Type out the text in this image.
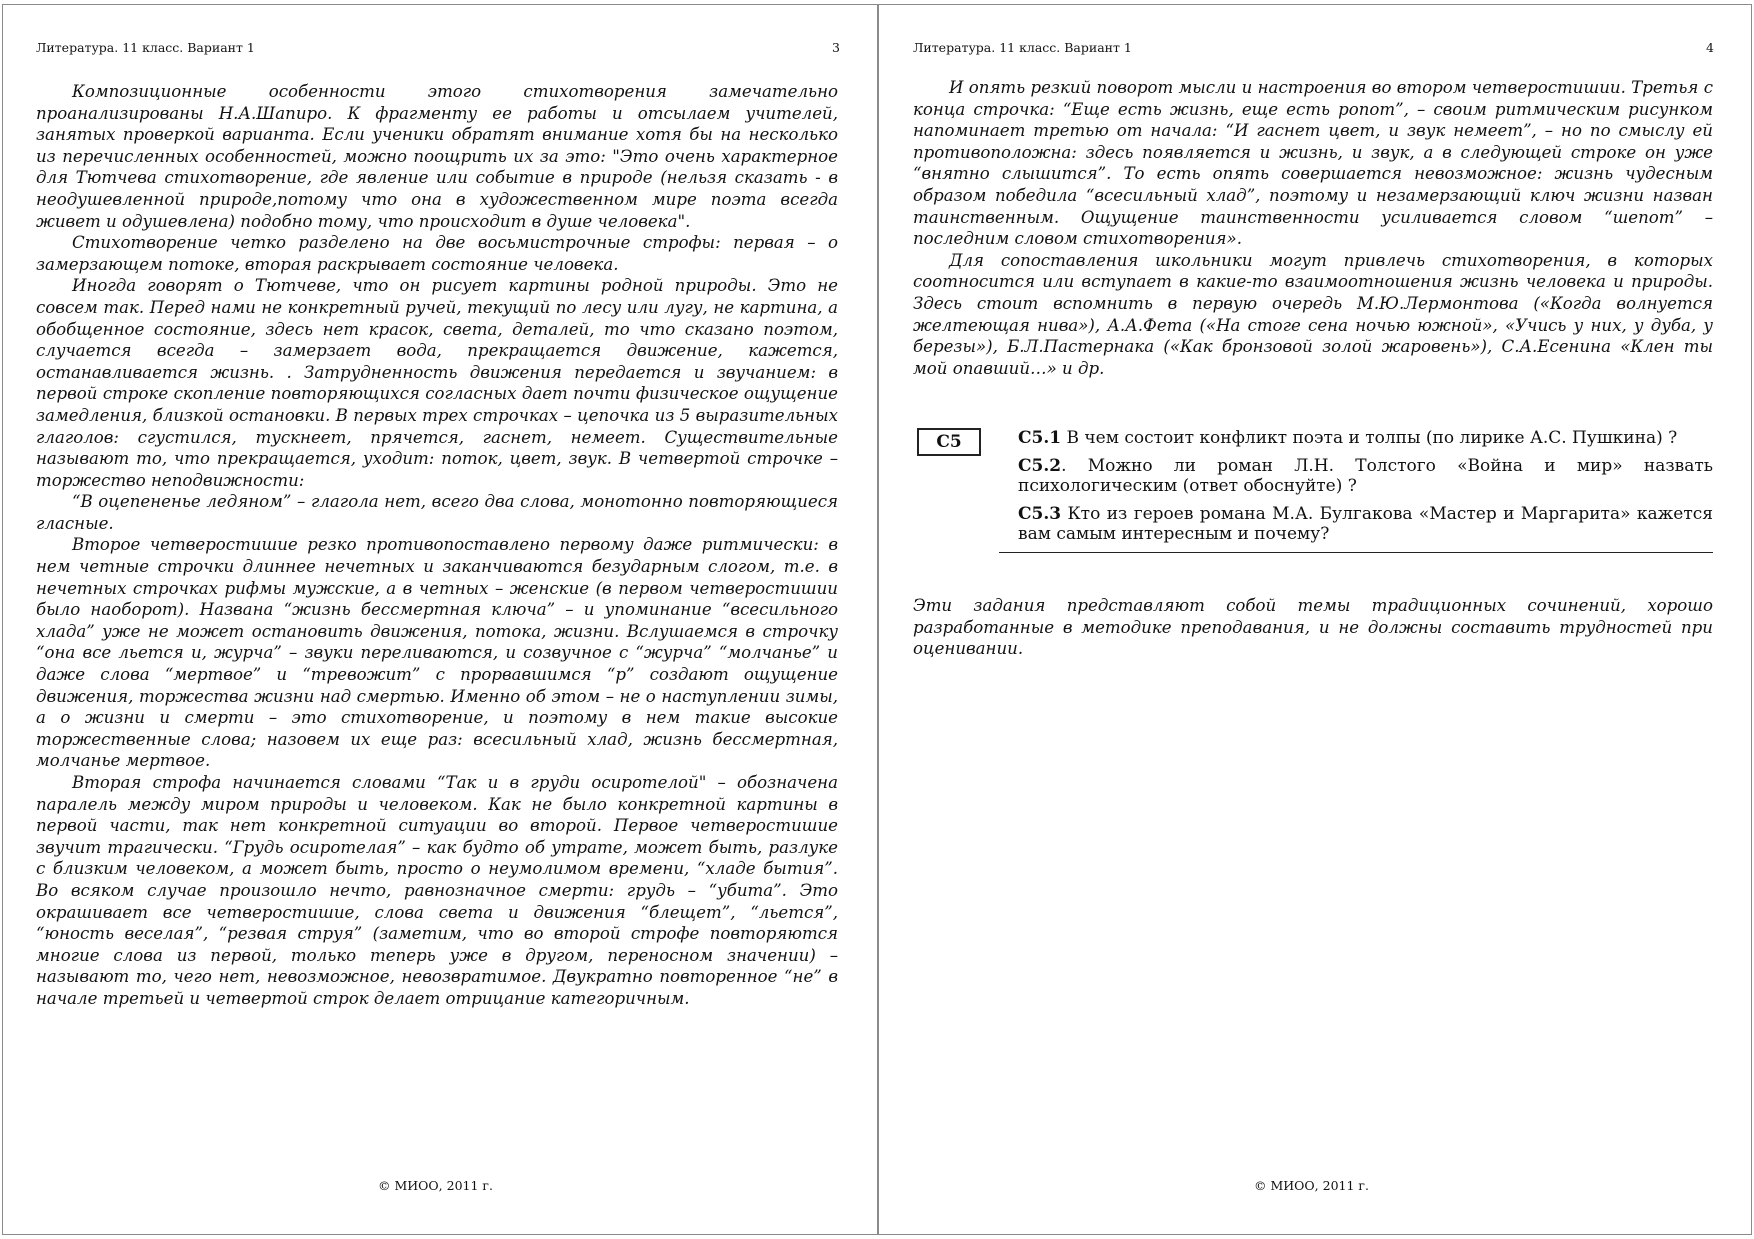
Литература. 11 класс. Вариант 1	3

Композиционные особенности этого стихотворения замечательно проанализированы Н.А.Шапиро. К фрагменту ее работы и отсылаем учителей, занятых проверкой варианта. Если ученики обратят внимание хотя бы на несколько из перечисленных особенностей, можно поощрить их за это: "Это очень характерное для Тютчева стихотворение, где явление или событие в природе (нельзя сказать - в неодушевленной природе,потому что она в художественном мире поэта всегда живет и одушевлена) подобно тому, что происходит в душе человека".

Стихотворение четко разделено на две восьмистрочные строфы: первая – о замерзающем потоке, вторая раскрывает состояние человека.

Иногда говорят о Тютчеве, что он рисует картины родной природы. Это не совсем так. Перед нами не конкретный ручей, текущий по лесу или лугу, не картина, а обобщенное состояние, здесь нет красок, света, деталей, то что сказано поэтом, случается всегда – замерзает вода, прекращается движение, кажется, останавливается жизнь. . Затрудненность движения передается и звучанием: в первой строке скопление повторяющихся согласных дает почти физическое ощущение замедления, близкой остановки. В первых трех строчках – цепочка из 5 выразительных глаголов: сгустился, тускнеет, прячется, гаснет, немеет. Существительные называют то, что прекращается, уходит: поток, цвет, звук. В четвертой строчке – торжество неподвижности:

“В оцепененье ледяном” – глагола нет, всего два слова, монотонно повторяющиеся гласные.

Второе четверостишие резко противопоставлено первому даже ритмически: в нем четные строчки длиннее нечетных и заканчиваются безударным слогом, т.е. в нечетных строчках рифмы мужские, а в четных – женские (в первом четверостишии было наоборот). Названа “жизнь бессмертная ключа” – и упоминание “всесильного хлада” уже не может остановить движения, потока, жизни. Вслушаемся в строчку “она все льется и, журча” – звуки переливаются, и созвучное с “журча” “молчанье” и даже слова “мертвое” и “тревожит” с прорвавшимся “р” создают ощущение движения, торжества жизни над смертью. Именно об этом – не о наступлении зимы, а о жизни и смерти – это стихотворение, и поэтому в нем такие высокие торжественные слова; назовем их еще раз: всесильный хлад, жизнь бессмертная, молчанье мертвое.

Вторая строфа начинается словами “Так и в груди осиротелой" – обозначена паралель между миром природы и человеком. Как не было конкретной картины в первой части, так нет конкретной ситуации во второй. Первое четверостишие звучит трагически. “Грудь осиротелая” – как будто об утрате, может быть, разлуке с близким человеком, а может быть, просто о неумолимом времени, “хладе бытия”. Во всяком случае произошло нечто, равнозначное смерти: грудь – “убита”. Это окрашивает все четверостишие, слова света и движения “блещет”, “льется”, “юность веселая”, “резвая струя” (заметим, что во второй строфе повторяются многие слова из первой, только теперь уже в другом, переносном значении) – называют то, чего нет, невозможное, невозвратимое. Двукратно повторенное “не” в начале третьей и четвертой строк делает отрицание категоричным.

© МИОО, 2011 г.
Литература. 11 класс. Вариант 1	4

И опять резкий поворот мысли и настроения во втором четверостишии. Третья с конца строчка: “Еще есть жизнь, еще есть ропот”, – своим ритмическим рисунком напоминает третью от начала: “И гаснет цвет, и звук немеет”, – но по смыслу ей противоположна: здесь появляется и жизнь, и звук, а в следующей строке он уже “внятно слышится”. То есть опять совершается невозможное: жизнь чудесным образом победила “всесильный хлад”, поэтому и незамерзающий ключ жизни назван таинственным. Ощущение таинственности усиливается словом “шепот” – последним словом стихотворения».

Для сопоставления школьники могут привлечь стихотворения, в которых соотносится или вступает в какие-то взаимоотношения жизнь человека и природы. Здесь стоит вспомнить в первую очередь М.Ю.Лермонтова («Когда волнуется желтеющая нива»), А.А.Фета («На стоге сена ночью южной», «Учись у них, у дуба, у березы»), Б.Л.Пастернака («Как бронзовой золой жаровень»), С.А.Есенина «Клен ты мой опавший…» и др.

С5	С5.1 В чем состоит конфликт поэта и толпы (по лирике А.С. Пушкина) ?
С5.2. Можно ли роман Л.Н. Толстого «Война и мир» назвать психологическим (ответ обоснуйте) ?
С5.3 Кто из героев романа М.А. Булгакова «Мастер и Маргарита» кажется вам самым интересным и почему?
Эти задания представляют собой темы традиционных сочинений, хорошо разработанные в методике преподавания, и не должны составить трудностей при оценивании.
© МИОО, 2011 г.
